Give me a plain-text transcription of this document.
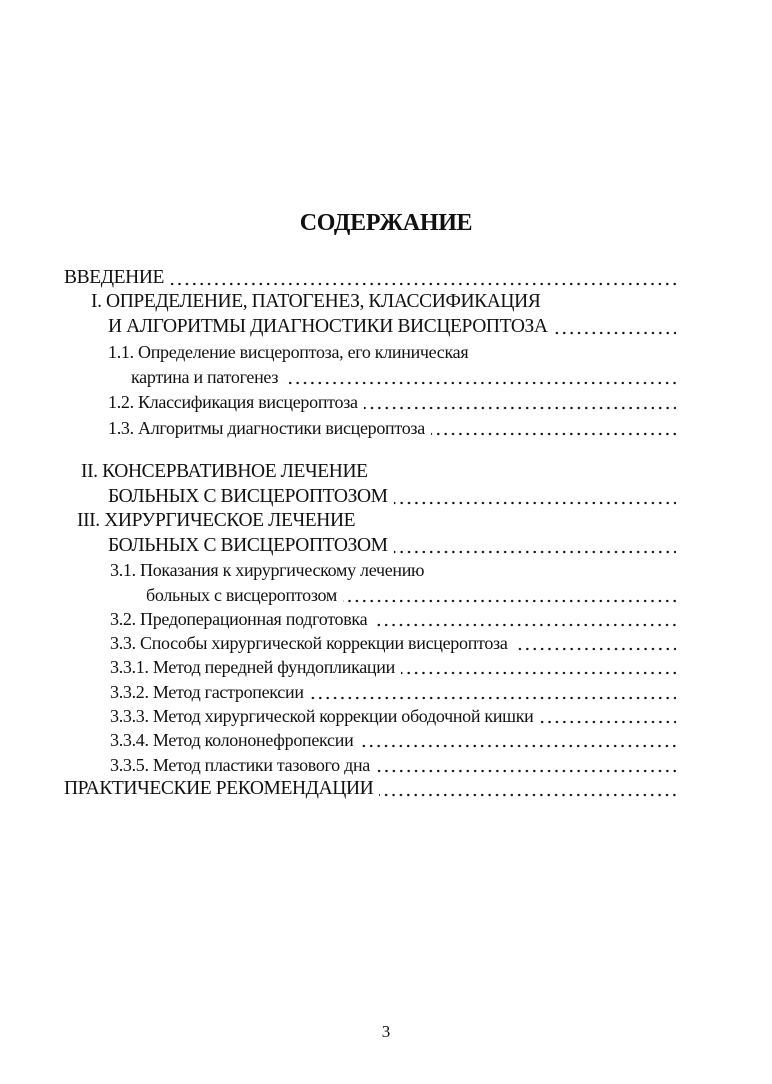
СОДЕРЖАНИЕ
ВВЕДЕНИЕ
I. ОПРЕДЕЛЕНИЕ, ПАТОГЕНЕЗ, КЛАССИФИКАЦИЯ
И АЛГОРИТМЫ ДИАГНОСТИКИ ВИСЦЕРОПТОЗА
1.1. Определение висцероптоза, его клиническая
картина и патогенез
1.2. Классификация висцероптоза
1.3. Алгоритмы диагностики висцероптоза
II. КОНСЕРВАТИВНОЕ ЛЕЧЕНИЕ
БОЛЬНЫХ С ВИСЦЕРОПТОЗОМ
III. ХИРУРГИЧЕСКОЕ ЛЕЧЕНИЕ
БОЛЬНЫХ С ВИСЦЕРОПТОЗОМ
3.1. Показания к хирургическому лечению
больных с висцероптозом
3.2. Предоперационная подготовка
3.3. Способы хирургической коррекции висцероптоза
3.3.1. Метод передней фундопликации
3.3.2. Метод гастропексии
3.3.3. Метод хирургической коррекции ободочной кишки
3.3.4. Метод колононефропексии
3.3.5. Метод пластики тазового дна
ПРАКТИЧЕСКИЕ РЕКОМЕНДАЦИИ
3
